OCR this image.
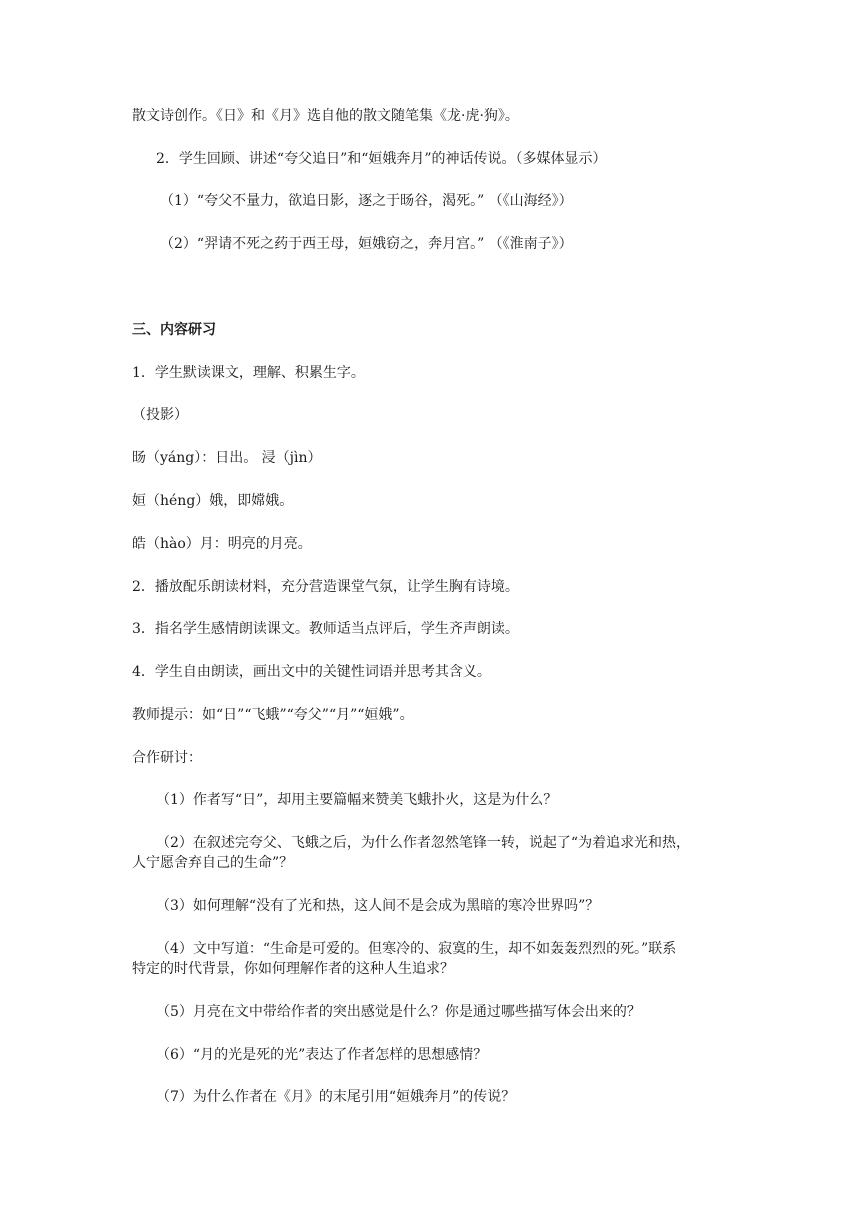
散文诗创作。《日》和《月》选自他的散文随笔集《龙·虎·狗》。
2．学生回顾、讲述“夸父追日”和“姮娥奔月”的神话传说。（多媒体显示）
（1）“夸父不量力，欲追日影，逐之于旸谷，渴死。” （《山海经》）
（2）“羿请不死之药于西王母，姮娥窃之，奔月宫。” （《淮南子》）
三、内容研习
1．学生默读课文，理解、积累生字。
（投影）
旸（yáng）：日出。 浸（jìn）
姮（héng）娥，即嫦娥。
皓（hào）月：明亮的月亮。
2．播放配乐朗读材料，充分营造课堂气氛，让学生胸有诗境。
3．指名学生感情朗读课文。教师适当点评后，学生齐声朗读。
4．学生自由朗读，画出文中的关键性词语并思考其含义。
教师提示：如“日”“飞蛾”“夸父”“月”“姮娥”。
合作研讨：
（1）作者写“日”，却用主要篇幅来赞美飞蛾扑火，这是为什么？
（2）在叙述完夸父、飞蛾之后，为什么作者忽然笔锋一转，说起了“为着追求光和热，
人宁愿舍弃自己的生命”？
（3）如何理解“没有了光和热，这人间不是会成为黑暗的寒冷世界吗”？
（4）文中写道：“生命是可爱的。但寒冷的、寂寞的生，却不如轰轰烈烈的死。”联系
特定的时代背景，你如何理解作者的这种人生追求？
（5）月亮在文中带给作者的突出感觉是什么？你是通过哪些描写体会出来的？
（6）“月的光是死的光”表达了作者怎样的思想感情？
（7）为什么作者在《月》的末尾引用“姮娥奔月”的传说？
